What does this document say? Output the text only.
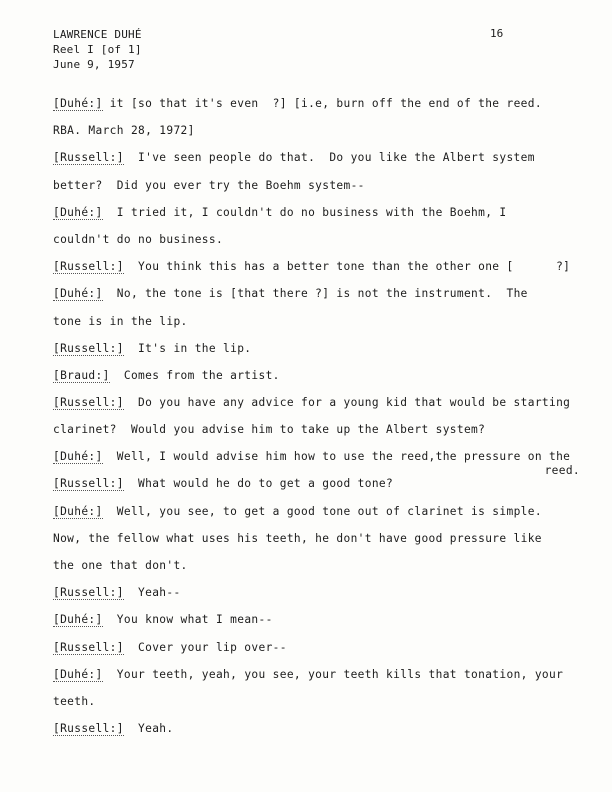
LAWRENCE DUHÉ
Reel I [of 1]
June 9, 1957
16
[Duhé:] it [so that it's even  ?] [i.e, burn off the end of the reed.
RBA. March 28, 1972]
[Russell:]  I've seen people do that.  Do you like the Albert system
better?  Did you ever try the Boehm system--
[Duhé:]  I tried it, I couldn't do no business with the Boehm, I
couldn't do no business.
[Russell:]  You think this has a better tone than the other one [      ?]
[Duhé:]  No, the tone is [that there ?] is not the instrument.  The
tone is in the lip.
[Russell:]  It's in the lip.
[Braud:]  Comes from the artist.
[Russell:]  Do you have any advice for a young kid that would be starting
clarinet?  Would you advise him to take up the Albert system?
[Duhé:]  Well, I would advise him how to use the reed,the pressure on the
reed.
[Russell:]  What would he do to get a good tone?
[Duhé:]  Well, you see, to get a good tone out of clarinet is simple.
Now, the fellow what uses his teeth, he don't have good pressure like
the one that don't.
[Russell:]  Yeah--
[Duhé:]  You know what I mean--
[Russell:]  Cover your lip over--
[Duhé:]  Your teeth, yeah, you see, your teeth kills that tonation, your
teeth.
[Russell:]  Yeah.
